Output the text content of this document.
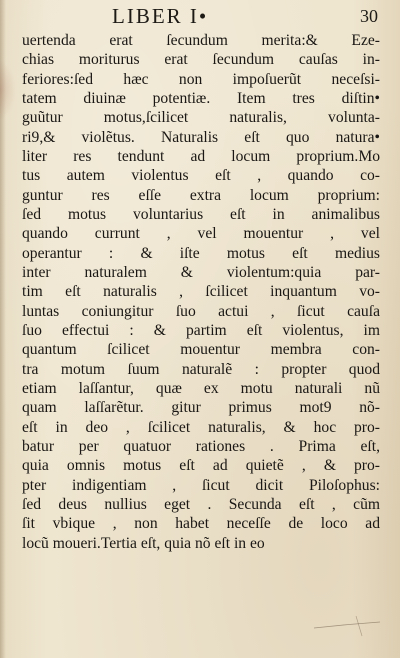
LIBER I•	30
uertenda erat ſecundum merita:& Eze-
chias moriturus erat ſecundum cauſas in-
feriores:ſed hæc non impoſuerũt neceſsi-
tatem diuinæ potentiæ. Item tres diſtin•
guũtur motus,ſcilicet naturalis, volunta-
ri9,& violẽtus. Naturalis eſt quo natura•
liter res tendunt ad locum proprium.Mo
tus autem violentus eſt , quando co-
guntur res eſſe extra locum proprium:
ſed motus voluntarius eſt in animalibus
quando currunt , vel mouentur , vel
operantur : & iſte motus eſt medius
inter naturalem & violentum:quia par-
tim eſt naturalis , ſcilicet inquantum vo-
luntas coniungitur ſuo actui , ſicut cauſa
ſuo effectui : & partim eſt violentus, im
quantum ſcilicet mouentur membra con-
tra motum ſuum naturalẽ : propter quod
etiam laſſantur, quæ ex motu naturali nũ
quam laſſarẽtur. gitur primus mot9 nõ-
eſt in deo , ſcilicet naturalis, & hoc pro-
batur per quatuor rationes . Prima eſt,
quia omnis motus eſt ad quietẽ , & pro-
pter indigentiam , ſicut dicit Piloſophus:
ſed deus nullius eget . Secunda eſt , cũm
ſit vbique , non habet neceſſe de loco ad
locũ moueri.Tertia eſt, quia nõ eſt in eo
